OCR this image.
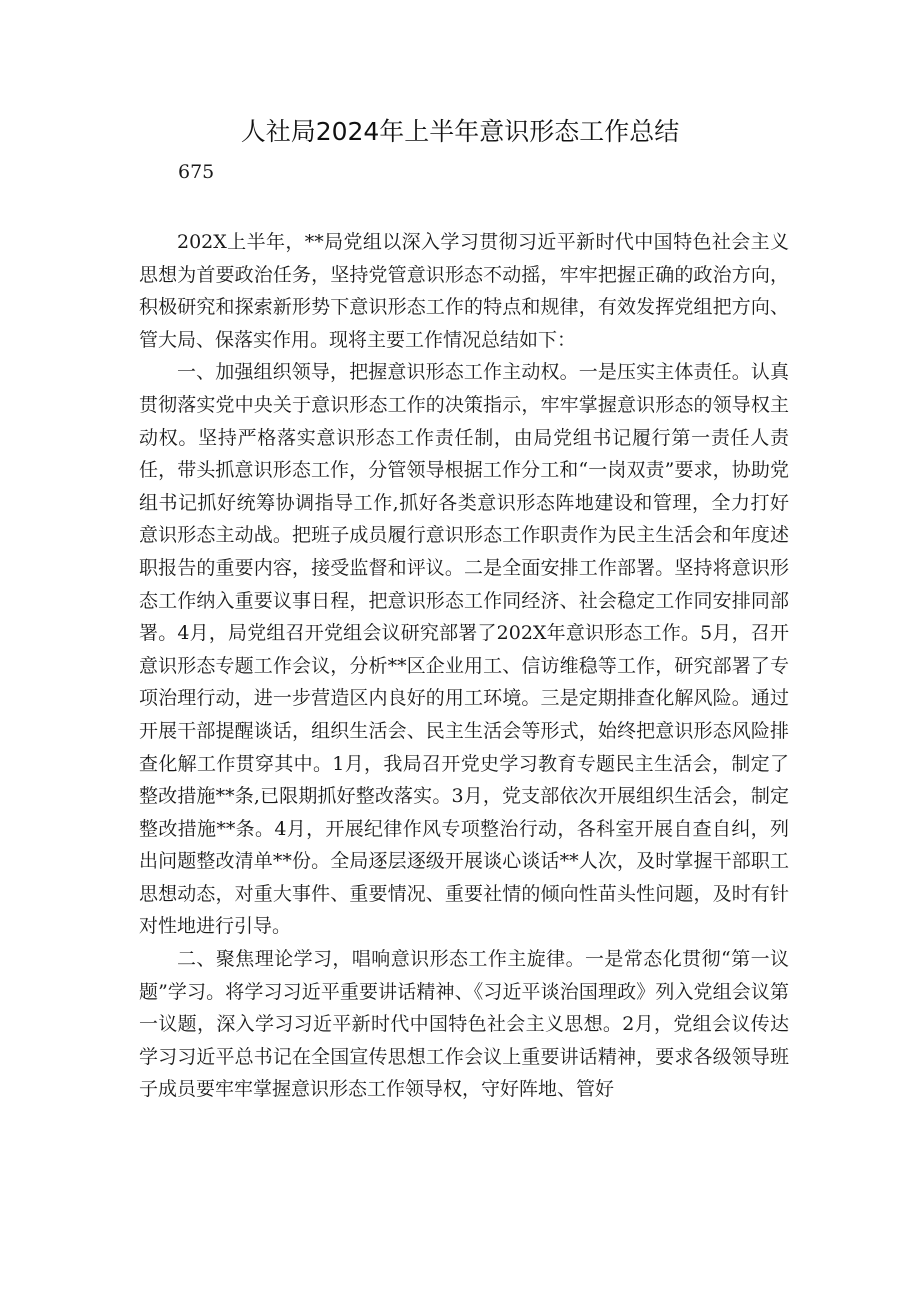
人社局2024年上半年意识形态工作总结
675

202X上半年，**局党组以深入学习贯彻习近平新时代中国特色社会主义思想为首要政治任务，坚持党管意识形态不动摇，牢牢把握正确的政治方向，积极研究和探索新形势下意识形态工作的特点和规律，有效发挥党组把方向、管大局、保落实作用。现将主要工作情况总结如下：

一、加强组织领导，把握意识形态工作主动权。一是压实主体责任。认真贯彻落实党中央关于意识形态工作的决策指示，牢牢掌握意识形态的领导权主动权。坚持严格落实意识形态工作责任制，由局党组书记履行第一责任人责任，带头抓意识形态工作，分管领导根据工作分工和“一岗双责”要求，协助党组书记抓好统筹协调指导工作,抓好各类意识形态阵地建设和管理，全力打好意识形态主动战。把班子成员履行意识形态工作职责作为民主生活会和年度述职报告的重要内容，接受监督和评议。二是全面安排工作部署。坚持将意识形态工作纳入重要议事日程，把意识形态工作同经济、社会稳定工作同安排同部署。4月，局党组召开党组会议研究部署了202X年意识形态工作。5月，召开意识形态专题工作会议，分析**区企业用工、信访维稳等工作，研究部署了专项治理行动，进一步营造区内良好的用工环境。三是定期排查化解风险。通过开展干部提醒谈话，组织生活会、民主生活会等形式，始终把意识形态风险排查化解工作贯穿其中。1月，我局召开党史学习教育专题民主生活会，制定了整改措施**条,已限期抓好整改落实。3月，党支部依次开展组织生活会，制定整改措施**条。4月，开展纪律作风专项整治行动，各科室开展自查自纠，列出问题整改清单**份。全局逐层逐级开展谈心谈话**人次，及时掌握干部职工思想动态，对重大事件、重要情况、重要社情的倾向性苗头性问题，及时有针对性地进行引导。

二、聚焦理论学习，唱响意识形态工作主旋律。一是常态化贯彻“第一议题”学习。将学习习近平重要讲话精神、《习近平谈治国理政》列入党组会议第一议题，深入学习习近平新时代中国特色社会主义思想。2月，党组会议传达学习习近平总书记在全国宣传思想工作会议上重要讲话精神，要求各级领导班子成员要牢牢掌握意识形态工作领导权，守好阵地、管好
